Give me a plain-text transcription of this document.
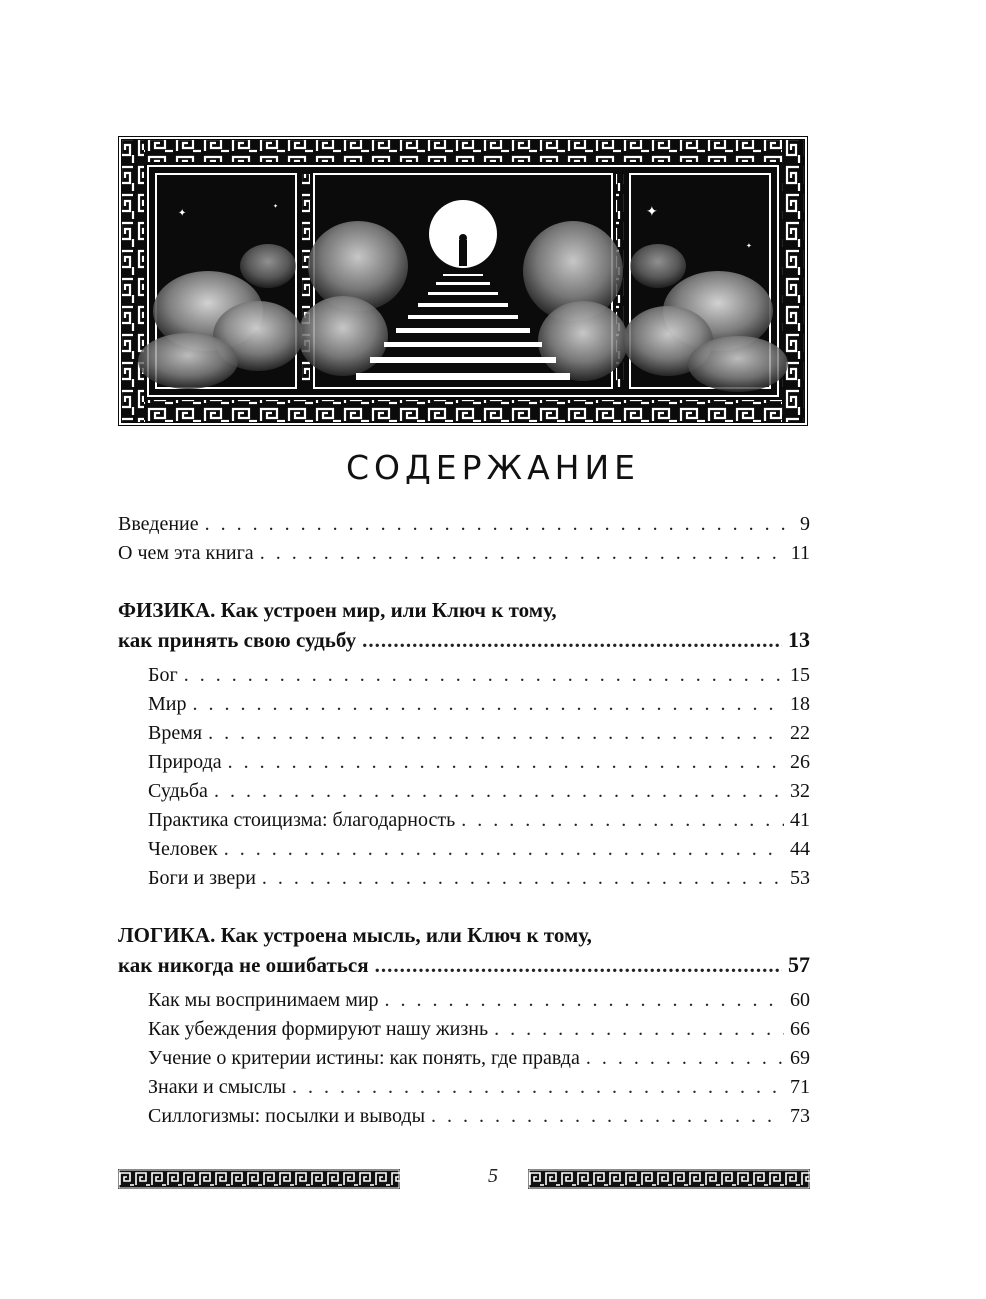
✦
✦	✦
✦
СОДЕРЖАНИЕ
Введение . . .	9
О чем эта книга . . .	11
ФИЗИКА. Как устроен мир, или Ключ к тому,
как принять свою судьбу .....	13
Бог . . .	15
Мир . . .	18
Время . . .	22
Природа . . .	26
Судьба . . .	32
Практика стоицизма: благодарность . . .	41
Человек . . .	44
Боги и звери . . .	53
ЛОГИКА. Как устроена мысль, или Ключ к тому,
как никогда не ошибаться .....	57
Как мы воспринимаем мир . . .	60
Как убеждения формируют нашу жизнь . . .	66
Учение о критерии истины: как понять, где правда . . .	69
Знаки и смыслы . . .	71
Силлогизмы: посылки и выводы . . .	73
5
